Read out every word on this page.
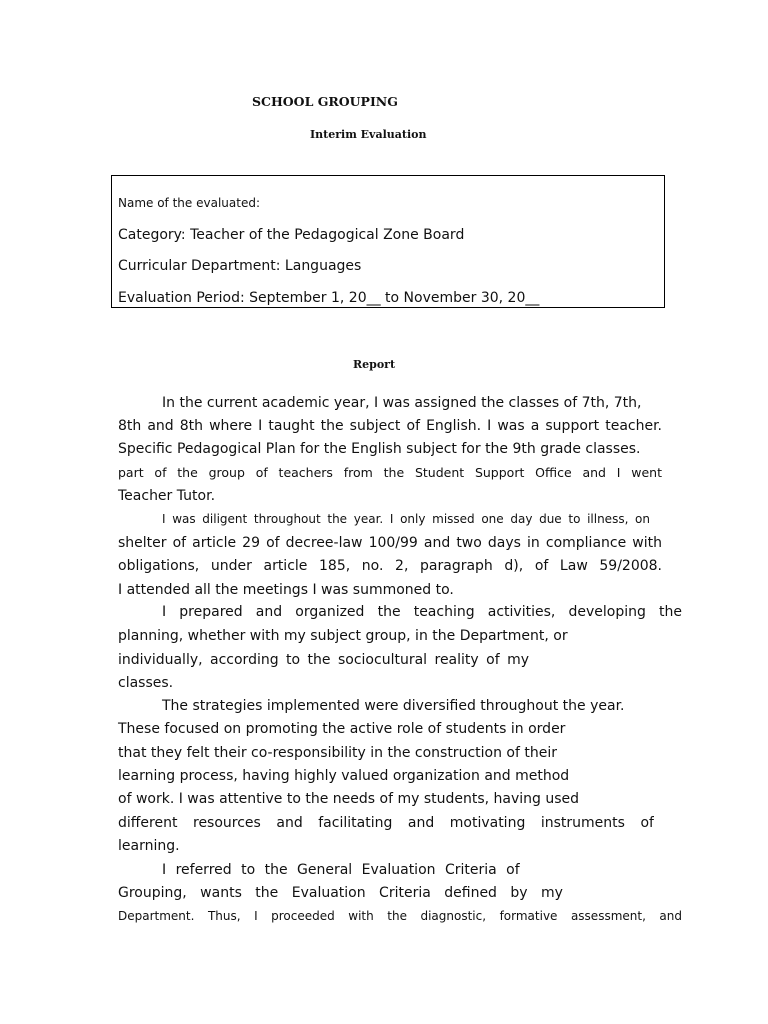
SCHOOL GROUPING
Interim Evaluation
Name of the evaluated:
Category: Teacher of the Pedagogical Zone Board
Curricular Department: Languages
Evaluation Period: September 1, 20__ to November 30, 20__
Report
In the current academic year, I was assigned the classes of 7th, 7th,
8th and 8th where I taught the subject of English. I was a support teacher.
Specific Pedagogical Plan for the English subject for the 9th grade classes.
part of the group of teachers from the Student Support Office and I went
Teacher Tutor.
I was diligent throughout the year. I only missed one day due to illness, on
shelter of article 29 of decree-law 100/99 and two days in compliance with
obligations, under article 185, no. 2, paragraph d), of Law 59/2008.
I attended all the meetings I was summoned to.
I prepared and organized the teaching activities, developing the
planning, whether with my subject group, in the Department, or
individually, according to the sociocultural reality of my
classes.
The strategies implemented were diversified throughout the year.
These focused on promoting the active role of students in order
that they felt their co-responsibility in the construction of their
learning process, having highly valued organization and method
of work. I was attentive to the needs of my students, having used
different resources and facilitating and motivating instruments of
learning.
I referred to the General Evaluation Criteria of
Grouping, wants the Evaluation Criteria defined by my
Department. Thus, I proceeded with the diagnostic, formative assessment, and
